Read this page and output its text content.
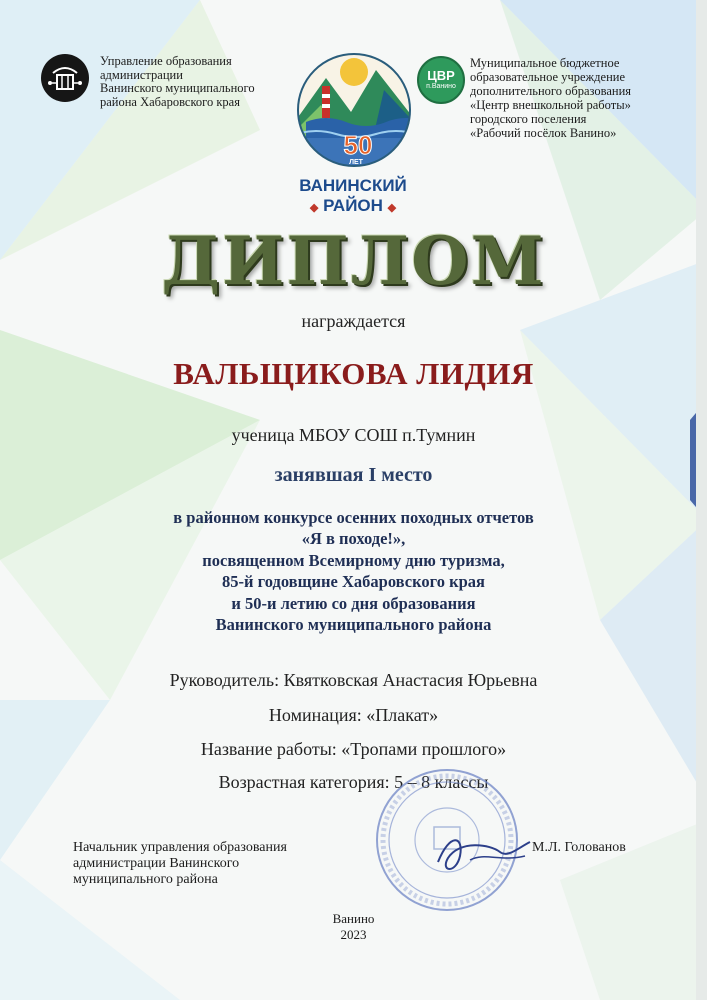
Управление образования
администрации
Ванинского муниципального
района Хабаровского края
50
ЛЕТ
ВАНИНСКИЙ
◆ РАЙОН ◆
ЦВР
п.Ванино
Муниципальное бюджетное
образовательное учреждение
дополнительного образования
«Центр внешкольной работы»
городского поселения
«Рабочий посёлок Ванино»
ДИПЛОМ
награждается
ВАЛЬЩИКОВА ЛИДИЯ
ученица МБОУ СОШ п.Тумнин
занявшая I место
в районном конкурсе осенних походных отчетов
«Я в походе!»,
посвященном Всемирному дню туризма,
85-й годовщине Хабаровского края
и 50-и летию со дня образования
Ванинского муниципального района
Руководитель: Квятковская Анастасия Юрьевна
Номинация: «Плакат»
Название работы: «Тропами прошлого»
Возрастная категория: 5 – 8 классы
Начальник управления образования
администрации Ванинского
муниципального района
М.Л. Голованов
Ванино
2023
